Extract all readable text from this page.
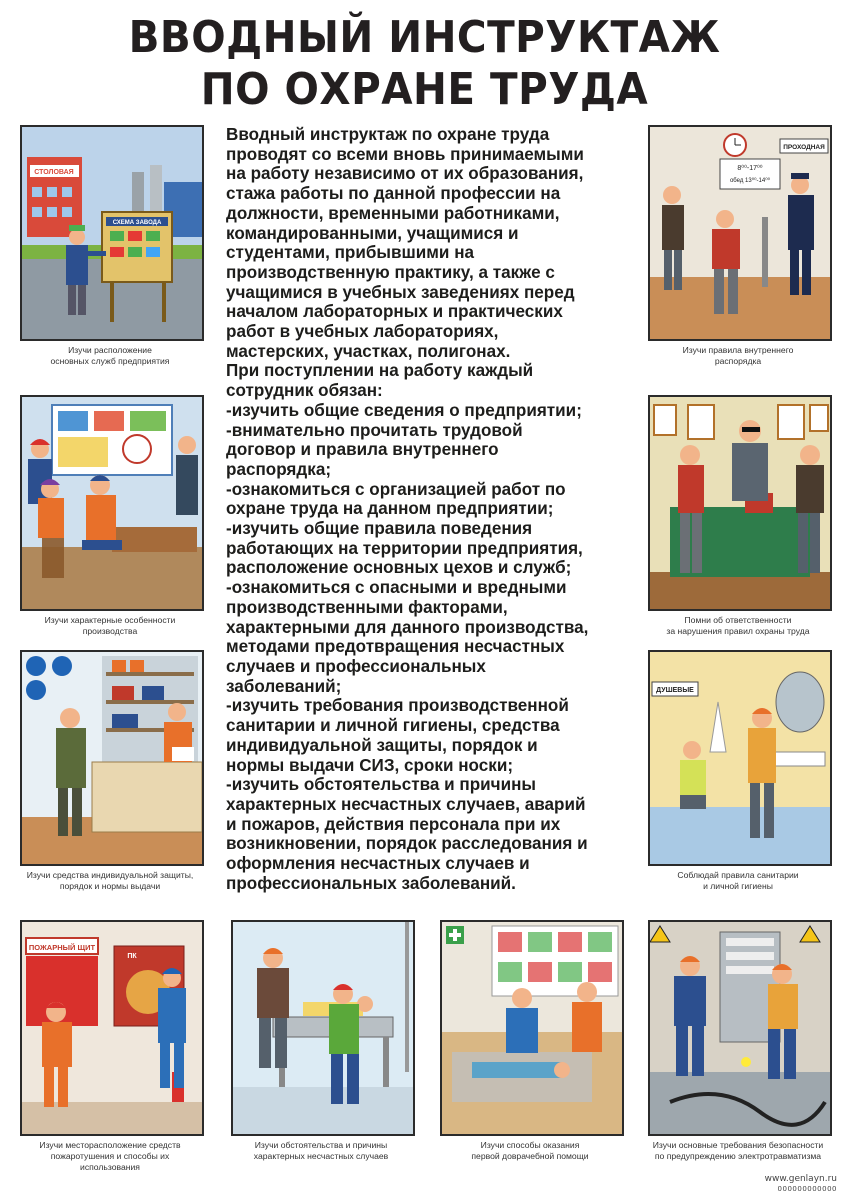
ВВОДНЫЙ ИНСТРУКТАЖ
ПО ОХРАНЕ ТРУДА
Вводный инструктаж по охране труда
проводят со всеми вновь принимаемыми
на работу независимо от их образования,
стажа работы по данной профессии на
должности, временными работниками,
командированными, учащимися и
студентами, прибывшими на
производственную практику, а также с
учащимися в учебных заведениях перед
началом лабораторных и практических
работ в учебных лабораториях,
мастерских, участках, полигонах.
При поступлении на работу каждый
сотрудник обязан:
-изучить общие сведения о предприятии;
-внимательно прочитать трудовой
договор и правила внутреннего
распорядка;
-ознакомиться с организацией работ по
охране труда на данном предприятии;
-изучить общие правила поведения
работающих на территории предприятия,
расположение основных цехов и служб;
-ознакомиться с опасными и вредными
производственными факторами,
характерными для данного производства,
методами предотвращения несчастных
случаев и профессиональных
заболеваний;
-изучить требования производственной
санитарии и личной гигиены, средства
индивидуальной защиты, порядок и
нормы выдачи СИЗ, сроки носки;
-изучить обстоятельства и причины
характерных несчастных случаев, аварий
и пожаров, действия персонала при их
возникновении, порядок расследования и
оформления несчастных случаев и
профессиональных заболеваний.
СТОЛОВАЯ
СХЕМА ЗАВОДА
Изучи расположение
основных служб предприятия
8⁰⁰-17⁰⁰
обед 13⁰⁰-14⁰⁰
ПРОХОДНАЯ
Изучи правила внутреннего
распорядка
Изучи характерные особенности
производства
Помни об ответственности
за нарушения правил охраны труда
Изучи средства индивидуальной защиты,
порядок и нормы выдачи
ДУШЕВЫЕ
Соблюдай правила санитарии
и личной гигиены
ПОЖАРНЫЙ ЩИТ
ПК
Изучи месторасположение средств
пожаротушения и способы их использования
Изучи обстоятельства и причины
характерных несчастных случаев
Изучи способы оказания
первой доврачебной помощи
Изучи основные требования безопасности
по предупреждению электротравматизма
www.genlayn.ru
000000000000
